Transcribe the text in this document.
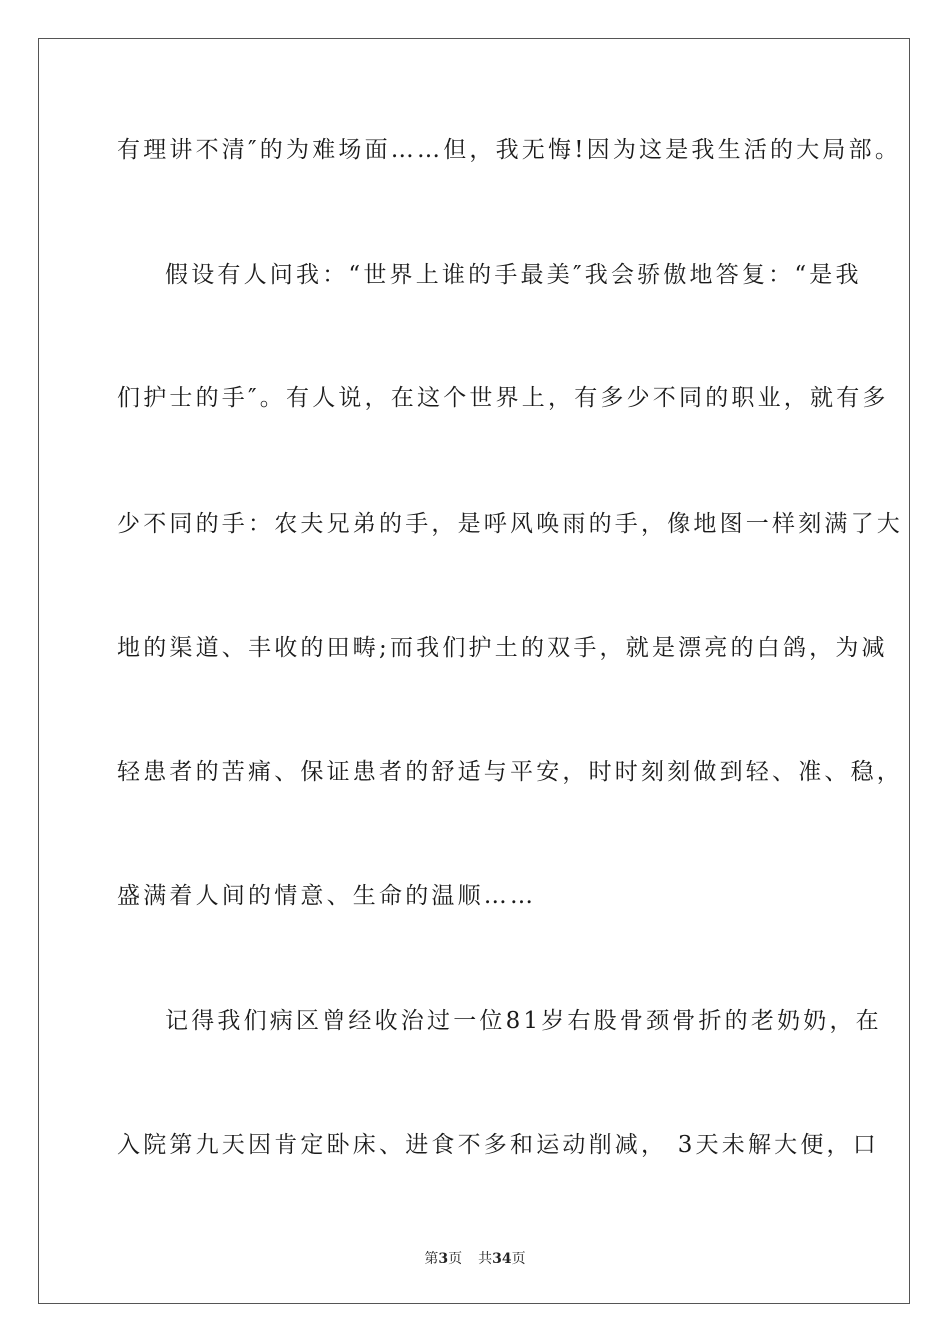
有理讲不清″的为难场面……但，我无悔!因为这是我生活的大局部。
假设有人问我：“世界上谁的手最美″我会骄傲地答复：“是我
们护士的手″。有人说，在这个世界上，有多少不同的职业，就有多
少不同的手：农夫兄弟的手，是呼风唤雨的手，像地图一样刻满了大
地的渠道、丰收的田畴;而我们护土的双手，就是漂亮的白鸽，为减
轻患者的苦痛、保证患者的舒适与平安，时时刻刻做到轻、准、稳，
盛满着人间的情意、生命的温顺……
记得我们病区曾经收治过一位81岁右股骨颈骨折的老奶奶，在
入院第九天因肯定卧床、进食不多和运动削减， 3天未解大便，口
第3页 共34页
